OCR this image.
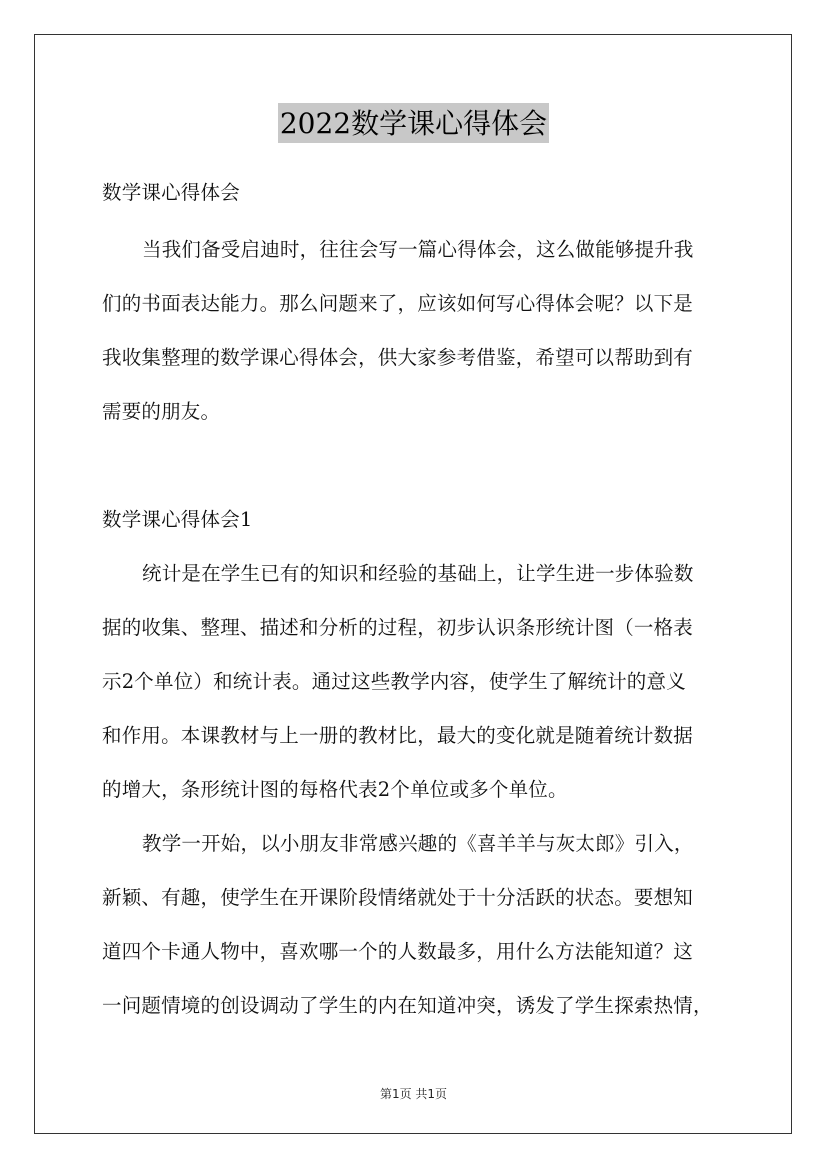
2022数学课心得体会
数学课心得体会
当我们备受启迪时，往往会写一篇心得体会，这么做能够提升我
们的书面表达能力。那么问题来了，应该如何写心得体会呢？以下是
我收集整理的数学课心得体会，供大家参考借鉴，希望可以帮助到有
需要的朋友。
数学课心得体会1
统计是在学生已有的知识和经验的基础上，让学生进一步体验数
据的收集、整理、描述和分析的过程，初步认识条形统计图（一格表
示2个单位）和统计表。通过这些教学内容，使学生了解统计的意义
和作用。本课教材与上一册的教材比，最大的变化就是随着统计数据
的增大，条形统计图的每格代表2个单位或多个单位。
教学一开始，以小朋友非常感兴趣的《喜羊羊与灰太郎》引入，
新颖、有趣，使学生在开课阶段情绪就处于十分活跃的状态。要想知
道四个卡通人物中，喜欢哪一个的人数最多，用什么方法能知道？这
一问题情境的创设调动了学生的内在知道冲突，诱发了学生探索热情，
第1页 共1页
